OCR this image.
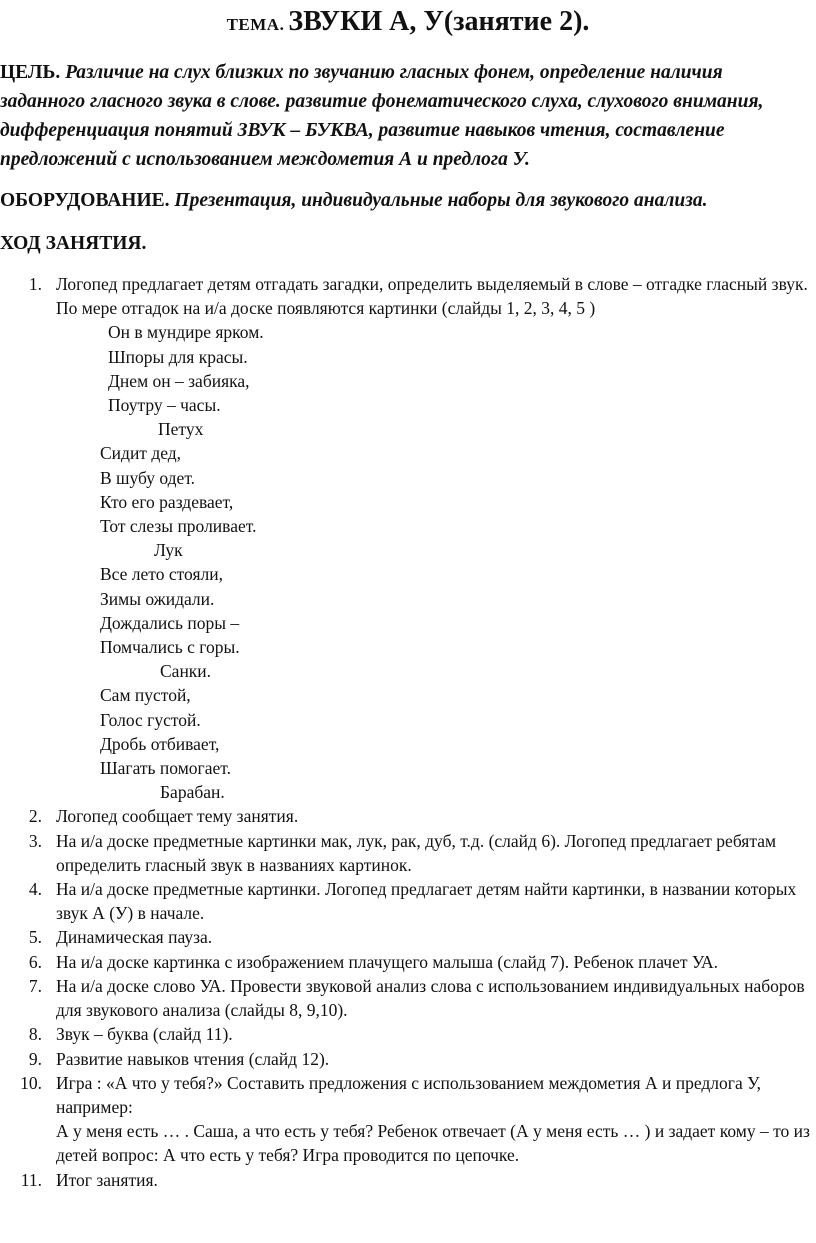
ТЕМА. ЗВУКИ А, У(занятие 2).
ЦЕЛЬ. Различие на слух близких по звучанию гласных фонем, определение наличия заданного гласного звука в слове. развитие фонематического слуха, слухового внимания, дифференциация понятий ЗВУК – БУКВА, развитие навыков чтения, составление предложений с использованием междометия А и предлога У.
ОБОРУДОВАНИЕ. Презентация, индивидуальные наборы для звукового анализа.
ХОД ЗАНЯТИЯ.
1. Логопед предлагает детям отгадать загадки, определить выделяемый в слове – отгадке гласный звук. По мере отгадок на и/а доске появляются картинки (слайды 1, 2, 3, 4, 5 )
Он в мундире ярком.
Шпоры для красы.
Днем он – забияка,
Поутру – часы.
Петух
Сидит дед,
В шубу одет.
Кто его раздевает,
Тот слезы проливает.
Лук
Все лето стояли,
Зимы ожидали.
Дождались поры –
Помчались с горы.
Санки.
Сам пустой,
Голос густой.
Дробь отбивает,
Шагать помогает.
Барабан.
2. Логопед сообщает тему занятия.
3. На и/а доске предметные картинки мак, лук, рак, дуб, т.д. (слайд 6). Логопед предлагает ребятам определить гласный звук в названиях картинок.
4. На и/а доске предметные картинки. Логопед предлагает детям найти картинки, в названии которых звук А (У) в начале.
5. Динамическая пауза.
6. На и/а доске картинка с изображением плачущего малыша (слайд 7). Ребенок плачет УА.
7. На и/а доске слово УА. Провести звуковой анализ слова с использованием индивидуальных наборов для звукового анализа (слайды 8, 9,10).
8. Звук – буква (слайд 11).
9. Развитие навыков чтения (слайд 12).
10. Игра : «А что у тебя?» Составить предложения с использованием междометия А и предлога У, например:
А у меня есть … . Саша, а что есть у тебя? Ребенок отвечает (А у меня есть … ) и задает кому – то из детей вопрос: А что есть у тебя? Игра проводится по цепочке.
11. Итог занятия.
